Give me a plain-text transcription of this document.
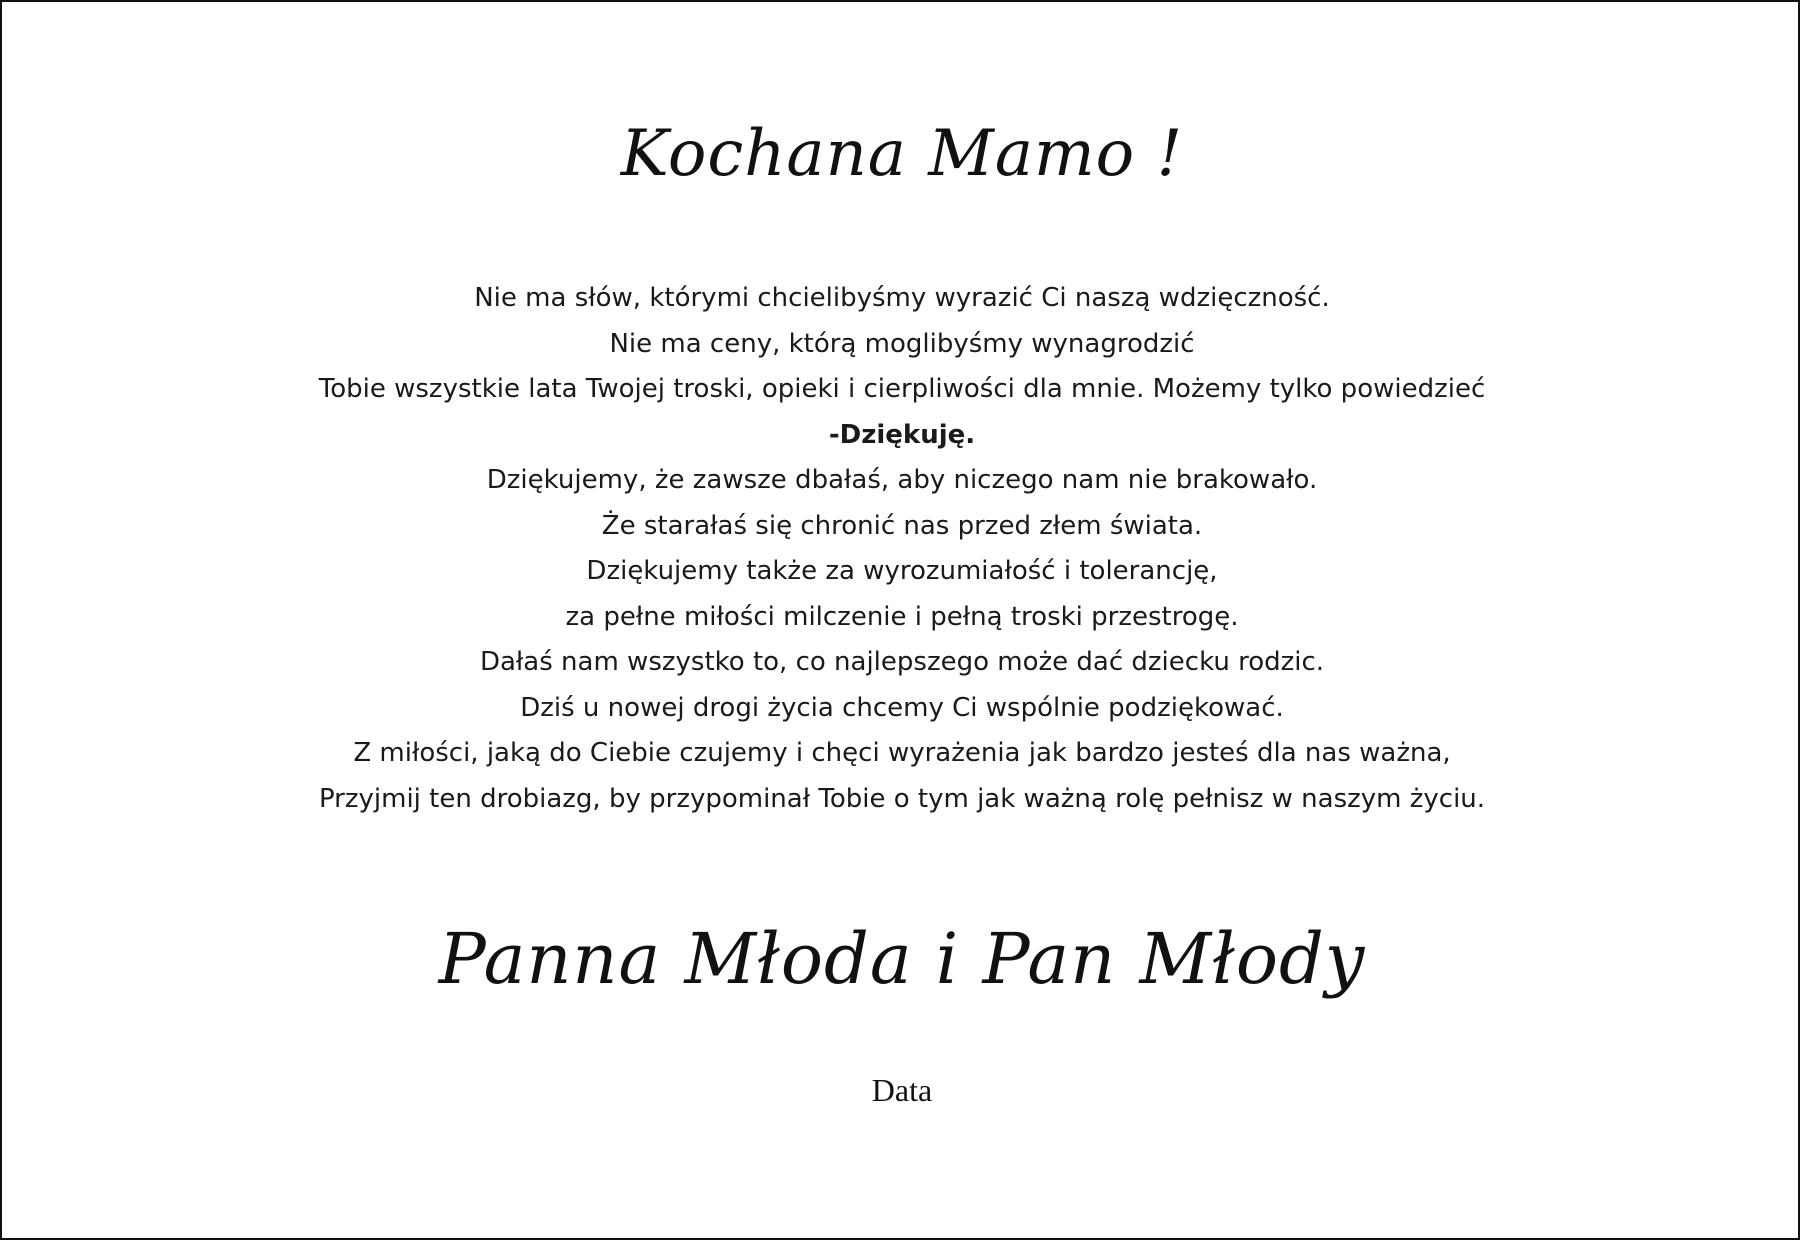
Kochana Mamo !
Nie ma słów, którymi chcielibyśmy wyrazić Ci naszą wdzięczność.
Nie ma ceny, którą moglibyśmy wynagrodzić
Tobie wszystkie lata Twojej troski, opieki i cierpliwości dla mnie. Możemy tylko powiedzieć
-Dziękuję.
Dziękujemy, że zawsze dbałaś, aby niczego nam nie brakowało.
Że starałaś się chronić nas przed złem świata.
Dziękujemy także za wyrozumiałość i tolerancję,
za pełne miłości milczenie i pełną troski przestrogę.
Dałaś nam wszystko to, co najlepszego może dać dziecku rodzic.
Dziś u nowej drogi życia chcemy Ci wspólnie podziękować.
Z miłości, jaką do Ciebie czujemy i chęci wyrażenia jak bardzo jesteś dla nas ważna,
Przyjmij ten drobiazg, by przypominał Tobie o tym jak ważną rolę pełnisz w naszym życiu.
Panna Młoda i Pan Młody
Data
